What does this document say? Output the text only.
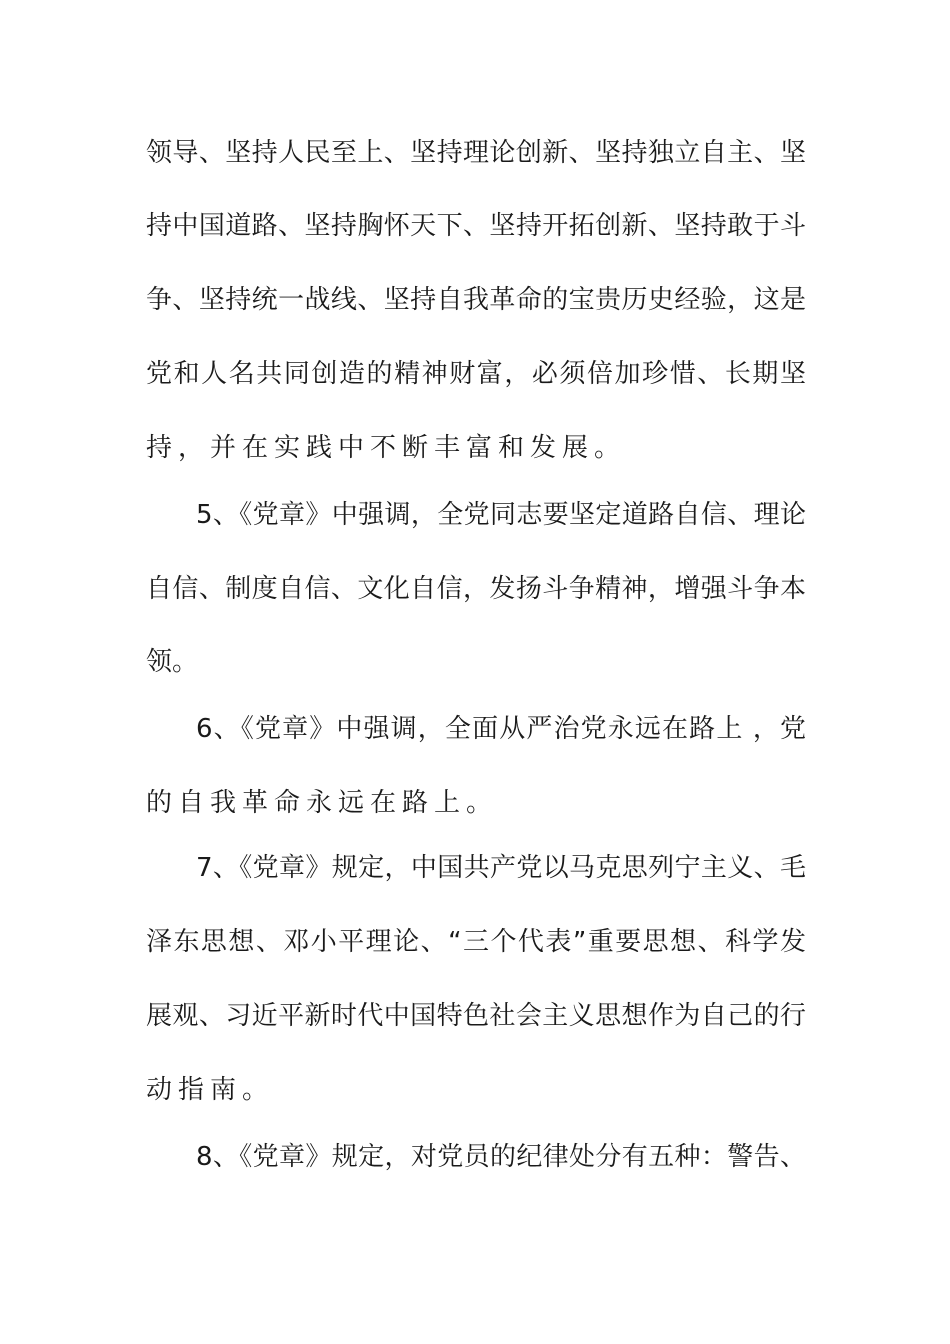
领导、坚持人民至上、坚持理论创新、坚持独立自主、坚
持中国道路、坚持胸怀天下、坚持开拓创新、坚持敢于斗
争、坚持统一战线、坚持自我革命的宝贵历史经验，这是
党和人名共同创造的精神财富，必须倍加珍惜、长期坚
持，并在实践中不断丰富和发展。
5、《党章》中强调，全党同志要坚定道路自信、理论
自信、制度自信、文化自信，发扬斗争精神，增强斗争本
领。
6、《党章》中强调，全面从严治党永远在路上 ，党
的自我革命永远在路上。
7、《党章》规定，中国共产党以马克思列宁主义、毛
泽东思想、邓小平理论、“三个代表”重要思想、科学发
展观、习近平新时代中国特色社会主义思想作为自己的行
动指南。
8、《党章》规定，对党员的纪律处分有五种：警告、
